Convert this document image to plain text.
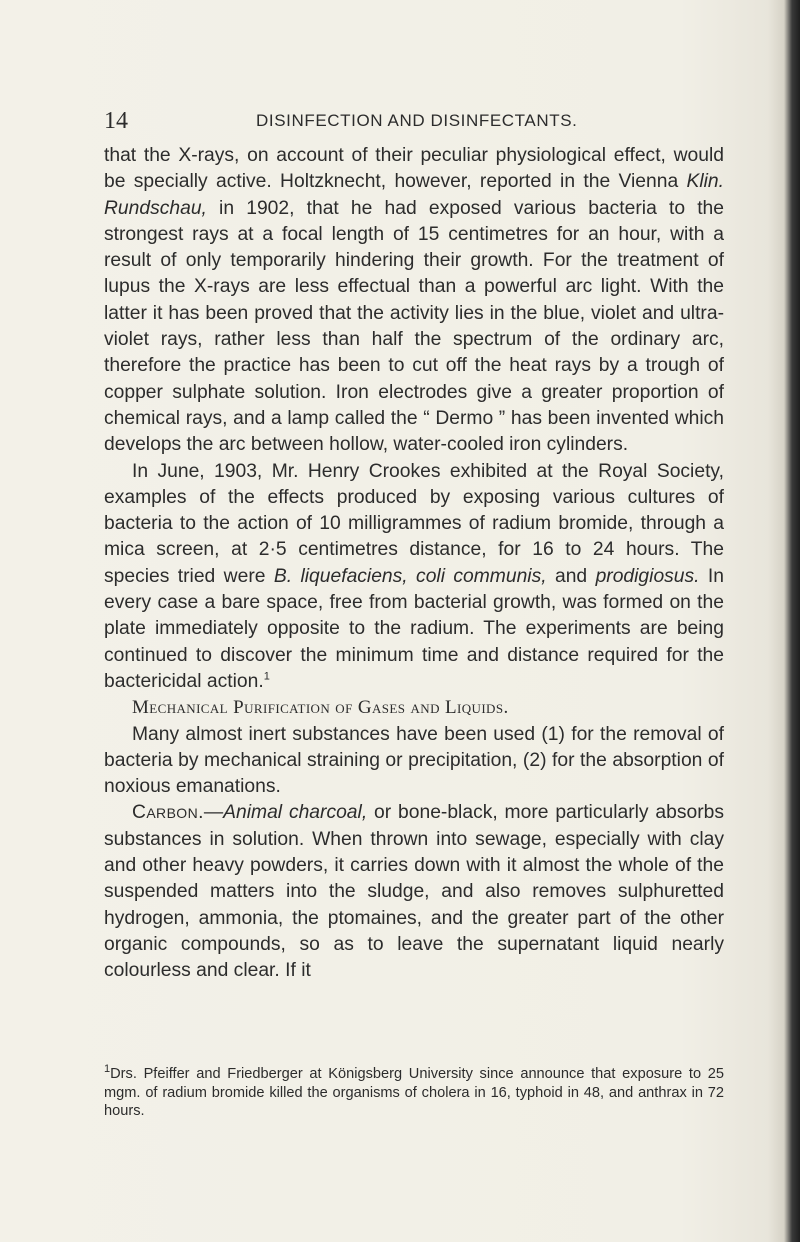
14	DISINFECTION AND DISINFECTANTS.

that the X-rays, on account of their peculiar physiological effect, would be specially active. Holtzknecht, however, reported in the Vienna Klin. Rundschau, in 1902, that he had exposed various bacteria to the strongest rays at a focal length of 15 centimetres for an hour, with a result of only temporarily hindering their growth. For the treatment of lupus the X-rays are less effectual than a powerful arc light. With the latter it has been proved that the activity lies in the blue, violet and ultra-violet rays, rather less than half the spectrum of the ordinary arc, therefore the practice has been to cut off the heat rays by a trough of copper sulphate solution. Iron electrodes give a greater proportion of chemical rays, and a lamp called the “ Dermo ” has been invented which develops the arc between hollow, water-cooled iron cylinders.

In June, 1903, Mr. Henry Crookes exhibited at the Royal Society, examples of the effects produced by exposing various cultures of bacteria to the action of 10 milligrammes of radium bromide, through a mica screen, at 2·5 centimetres distance, for 16 to 24 hours. The species tried were B. liquefaciens, coli communis, and prodigiosus. In every case a bare space, free from bacterial growth, was formed on the plate immediately opposite to the radium. The experiments are being continued to discover the minimum time and distance required for the bactericidal action.$^1$

Mechanical Purification of Gases and Liquids.

Many almost inert substances have been used (1) for the removal of bacteria by mechanical straining or precipitation, (2) for the absorption of noxious emanations.

Carbon.—Animal charcoal, or bone-black, more particularly absorbs substances in solution. When thrown into sewage, especially with clay and other heavy powders, it carries down with it almost the whole of the suspended matters into the sludge, and also removes sulphuretted hydrogen, ammonia, the ptomaines, and the greater part of the other organic compounds, so as to leave the supernatant liquid nearly colourless and clear. If it

$^1$Drs. Pfeiffer and Friedberger at Königsberg University since announce that exposure to 25 mgm. of radium bromide killed the organisms of cholera in 16, typhoid in 48, and anthrax in 72 hours.
